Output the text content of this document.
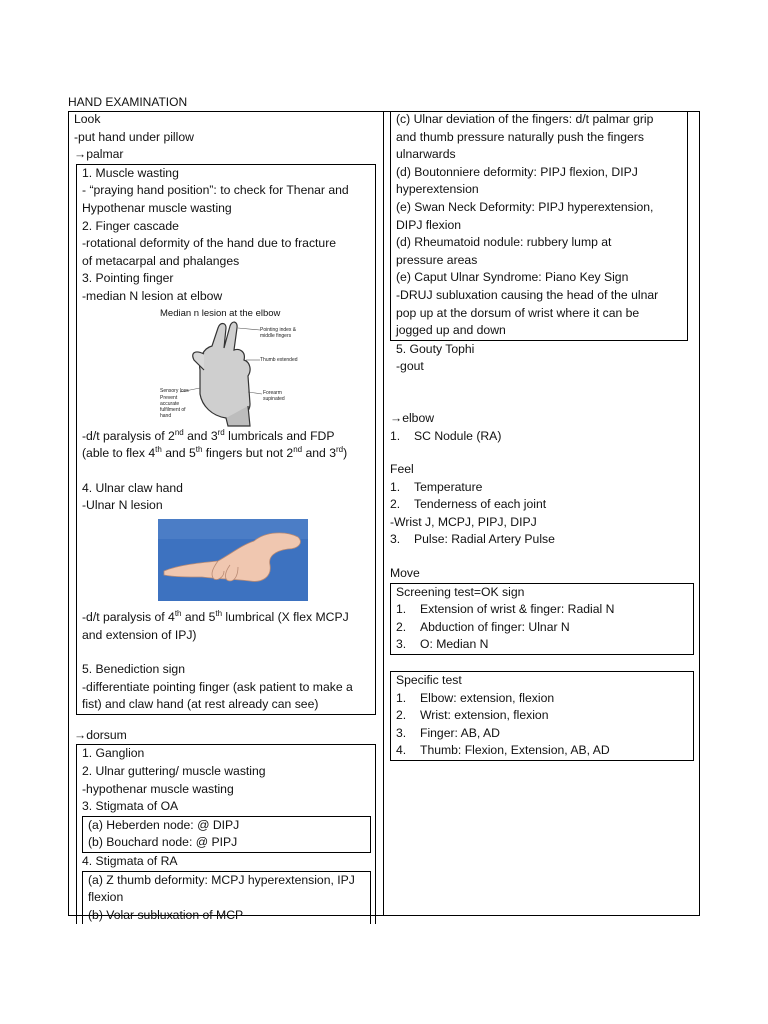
HAND EXAMINATION
Look
-put hand under pillow
→palmar
1. Muscle wasting
- “praying hand position”: to check for Thenar and
Hypothenar muscle wasting
2. Finger cascade
-rotational deformity of the hand due to fracture
of metacarpal and phalanges
3. Pointing finger
-median N lesion at elbow
Median n lesion at the elbow
Pointing index &
middle fingers
Thumb extended
Sensory loss
Prevent
accurate
fulfilment of
hand
Forearm
supinated
-d/t paralysis of 2nd and 3rd lumbricals and FDP
(able to flex 4th and 5th fingers but not 2nd and 3rd)
4. Ulnar claw hand
-Ulnar N lesion
-d/t paralysis of 4th and 5th lumbrical (X flex MCPJ
and extension of IPJ)
5. Benediction sign
-differentiate pointing finger (ask patient to make a
fist) and claw hand (at rest already can see)
→dorsum
1. Ganglion
2. Ulnar guttering/ muscle wasting
-hypothenar muscle wasting
3. Stigmata of OA
(a) Heberden node: @ DIPJ
(b) Bouchard node: @ PIPJ
4. Stigmata of RA
(a) Z thumb deformity: MCPJ hyperextension, IPJ
flexion
(b) Volar subluxation of MCP
(c) Ulnar deviation of the fingers: d/t palmar grip
and thumb pressure naturally push the fingers
ulnarwards
(d) Boutonniere deformity: PIPJ flexion, DIPJ
hyperextension
(e) Swan Neck Deformity: PIPJ hyperextension,
DIPJ flexion
(d) Rheumatoid nodule: rubbery lump at
pressure areas
(e) Caput Ulnar Syndrome: Piano Key Sign
-DRUJ subluxation causing the head of the ulnar
pop up at the dorsum of wrist where it can be
jogged up and down
5. Gouty Tophi
-gout
→elbow
1.	SC Nodule (RA)
Feel
1.	Temperature
2.	Tenderness of each joint
-Wrist J, MCPJ, PIPJ, DIPJ
3.	Pulse: Radial Artery Pulse
Move
Screening test=OK sign
1.	Extension of wrist & finger: Radial N
2.	Abduction of finger: Ulnar N
3.	O: Median N
Specific test
1.	Elbow: extension, flexion
2.	Wrist: extension, flexion
3.	Finger: AB, AD
4.	Thumb: Flexion, Extension, AB, AD
